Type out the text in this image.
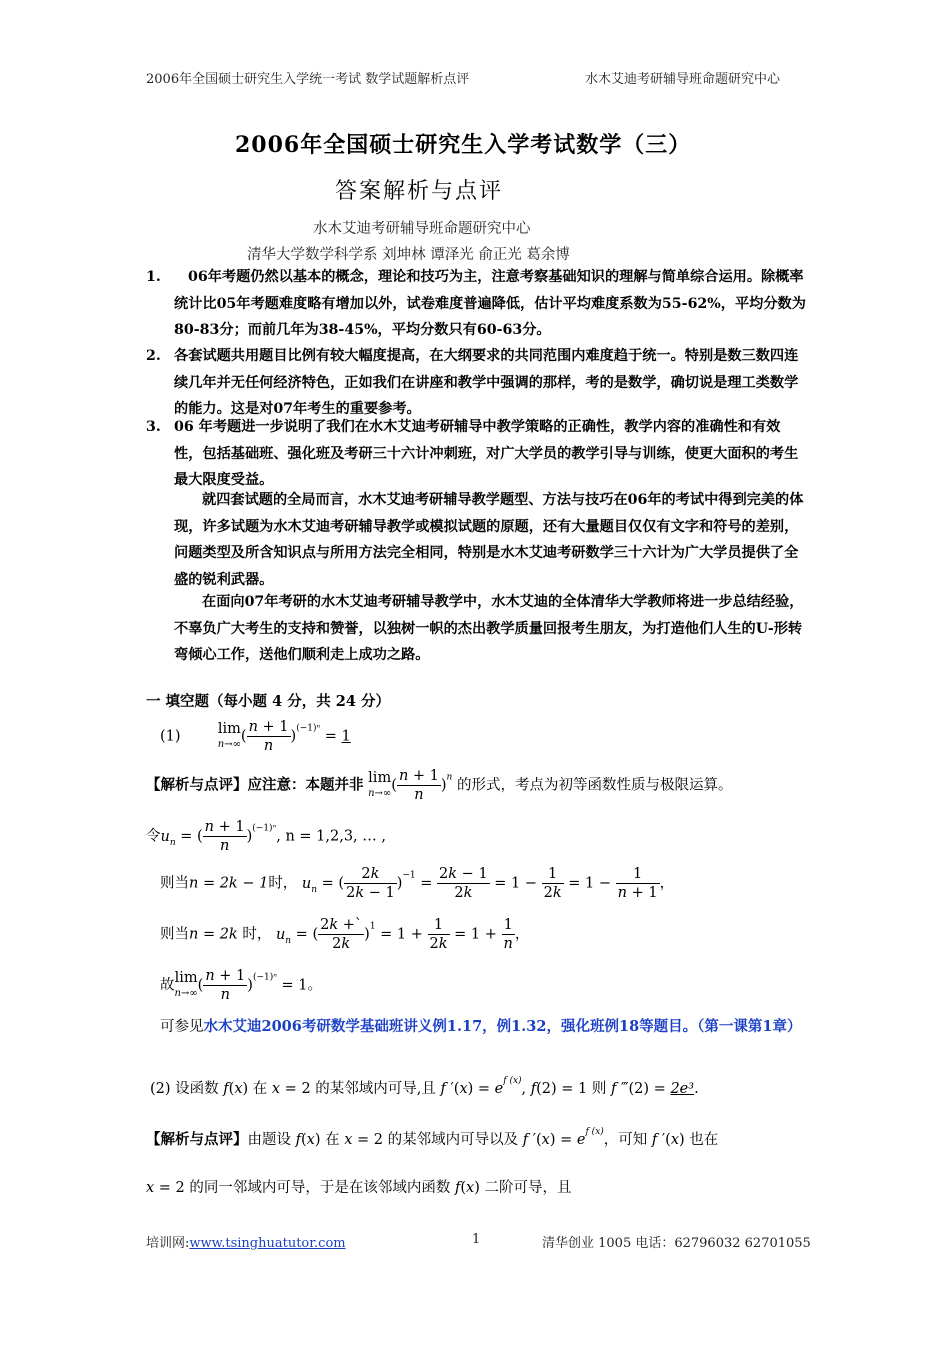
2006年全国硕士研究生入学统一考试 数学试题解析点评	水木艾迪考研辅导班命题研究中心
2006年全国硕士研究生入学考试数学（三）
答案解析与点评
水木艾迪考研辅导班命题研究中心
清华大学数学科学系 刘坤林 谭泽光 俞正光 葛余博
1.	06年考题仍然以基本的概念，理论和技巧为主，注意考察基础知识的理解与简单综合运用。除概率统计比05年考题难度略有增加以外，试卷难度普遍降低，估计平均难度系数为55-62%，平均分数为80-83分；而前几年为38-45%，平均分数只有60-63分。
2. 各套试题共用题目比例有较大幅度提高，在大纲要求的共同范围内难度趋于统一。特别是数三数四连续几年并无任何经济特色，正如我们在讲座和教学中强调的那样，考的是数学，确切说是理工类数学的能力。这是对07年考生的重要参考。
3. 06 年考题进一步说明了我们在水木艾迪考研辅导中教学策略的正确性，教学内容的准确性和有效性，包括基础班、强化班及考研三十六计冲刺班，对广大学员的教学引导与训练，使更大面积的考生最大限度受益。
就四套试题的全局而言，水木艾迪考研辅导教学题型、方法与技巧在06年的考试中得到完美的体现，许多试题为水木艾迪考研辅导教学或模拟试题的原题，还有大量题目仅仅有文字和符号的差别，问题类型及所含知识点与所用方法完全相同，特别是水木艾迪考研数学三十六计为广大学员提供了全盛的锐利武器。
在面向07年考研的水木艾迪考研辅导教学中，水木艾迪的全体清华大学教师将进一步总结经验，不辜负广大考生的支持和赞誉，以独树一帜的杰出教学质量回报考生朋友，为打造他们人生的U-形转弯倾心工作，送他们顺利走上成功之路。
一 填空题（每小题 4 分，共 24 分）
(1)	lim
n→∞ ( $\frac{n + 1}{n} )^{(-1)^n} = 1$
【解析与点评】应注意：本题并非 lim
n→∞ ( $\frac{n + 1}{n} )^n$ 的形式，考点为初等函数性质与极限运算。
令$u_n$ = ( $\frac{n + 1}{n} )^{(-1)^n}$, n = 1,2,3, … ,
则当n = 2k − 1时， $u_n$ = ( $\frac{2k}{2k - 1} )^{-1} = \frac{2k - 1}{2k} = 1 - \frac{1}{2k} = 1 - \frac{1}{n + 1}$ ，
则当n = 2k 时， $u_n$ = ( $\frac{2k +`}{2k} )^1 = 1 + \frac{1}{2k} = 1 + \frac{1}{n}$ ，
故lim
n→∞ ( $\frac{n + 1}{n} )^{(-1)^n} = 1$。
可参见水木艾迪2006考研数学基础班讲义例1.17，例1.32，强化班例18等题目。（第一课第1章）
(2) 设函数 f(x) 在 x = 2 的某邻域内可导,且 f $'(x) = e^{f (x)}$, f(2) = 1 则 f ‴(2) = 2e³.
【解析与点评】由题设 f(x) 在 x = 2 的某邻域内可导以及 f $'(x) = e^{f (x)}$，可知 f ′(x) 也在
x = 2 的同一邻域内可导，于是在该邻域内函数 f(x) 二阶可导，且
培训网:www.tsinghuatutor.com	1	清华创业 1005 电话：62796032 62701055
